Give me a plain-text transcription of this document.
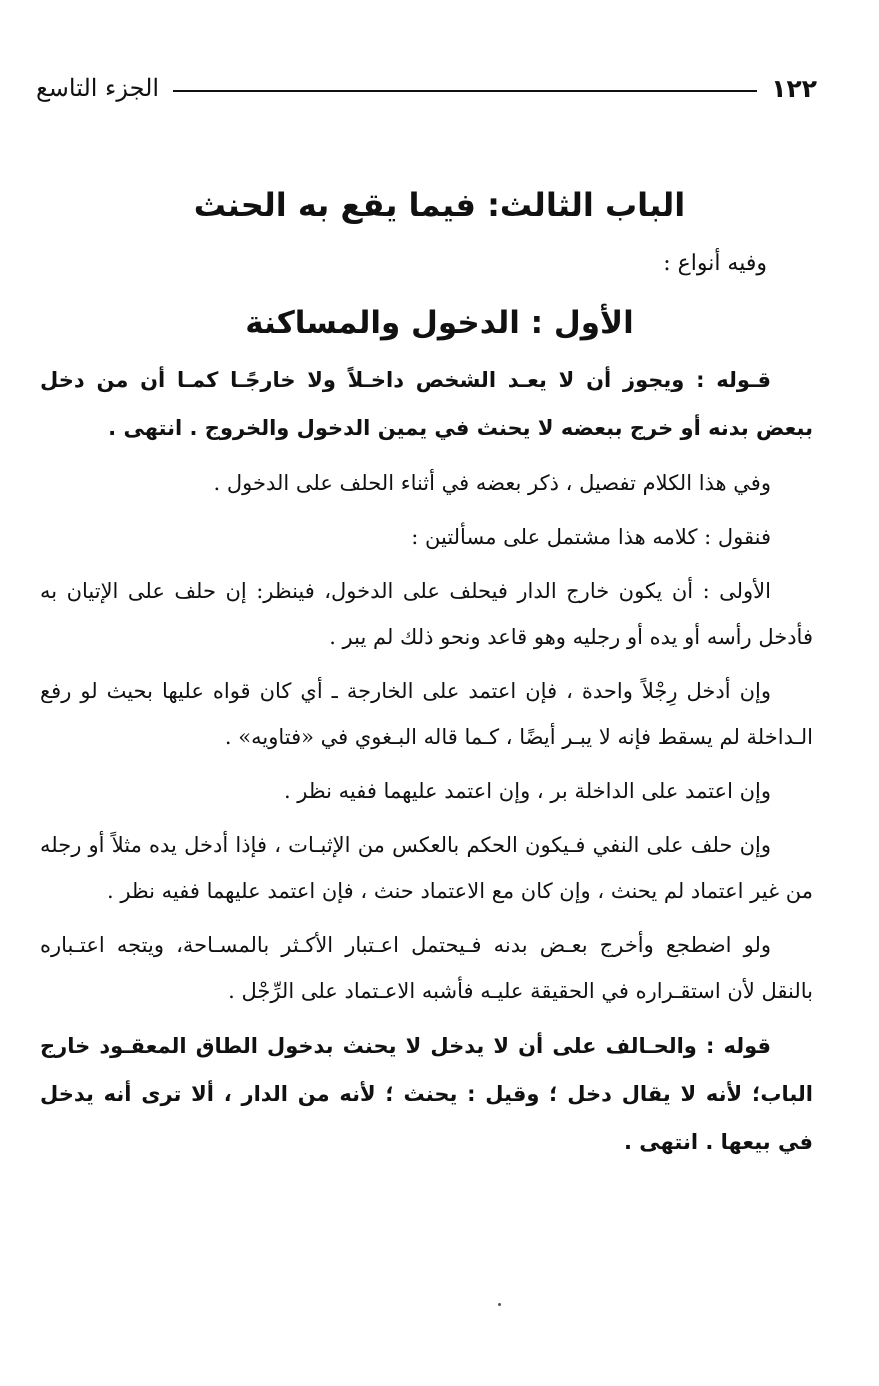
١٢٢
الجزء التاسع
الباب الثالث: فيما يقع به الحنث
وفيه أنواع :
الأول : الدخول والمساكنة

قـوله : ويجوز أن لا يعـد الشخص داخـلاً ولا خارجًـا كمـا أن من دخل ببعض بدنه أو خرج ببعضه لا يحنث في يمين الدخول والخروج . انتهى .

وفي هذا الكلام تفصيل ، ذكر بعضه في أثناء الحلف على الدخول .

فنقول : كلامه هذا مشتمل على مسألتين :

الأولى : أن يكون خارج الدار فيحلف على الدخول، فينظر: إن حلف على الإتيان به فأدخل رأسه أو يده أو رجليه وهو قاعد ونحو ذلك لم يبر .

وإن أدخل رِجْلاً واحدة ، فإن اعتمد على الخارجة ـ أي كان قواه عليها بحيث لو رفع الـداخلة لم يسقط فإنه لا يبـر أيضًا ، كـما قاله البـغوي في «فتاويه» .

وإن اعتمد على الداخلة بر ، وإن اعتمد عليهما ففيه نظر .

وإن حلف على النفي فـيكون الحكم بالعكس من الإثبـات ، فإذا أدخل يده مثلاً أو رجله من غير اعتماد لم يحنث ، وإن كان مع الاعتماد حنث ، فإن اعتمد عليهما ففيه نظر .

ولو اضطجع وأخرج بعـض بدنه فـيحتمل اعـتبار الأكـثر بالمسـاحة، ويتجه اعتـباره بالنقل لأن استقـراره في الحقيقة عليـه فأشبه الاعـتماد على الرِّجْل .

قوله : والحـالف على أن لا يدخل لا يحنث بدخول الطاق المعقـود خارج الباب؛ لأنه لا يقال دخل ؛ وقيل : يحنث ؛ لأنه من الدار ، ألا ترى أنه يدخل في بيعها . انتهى .
